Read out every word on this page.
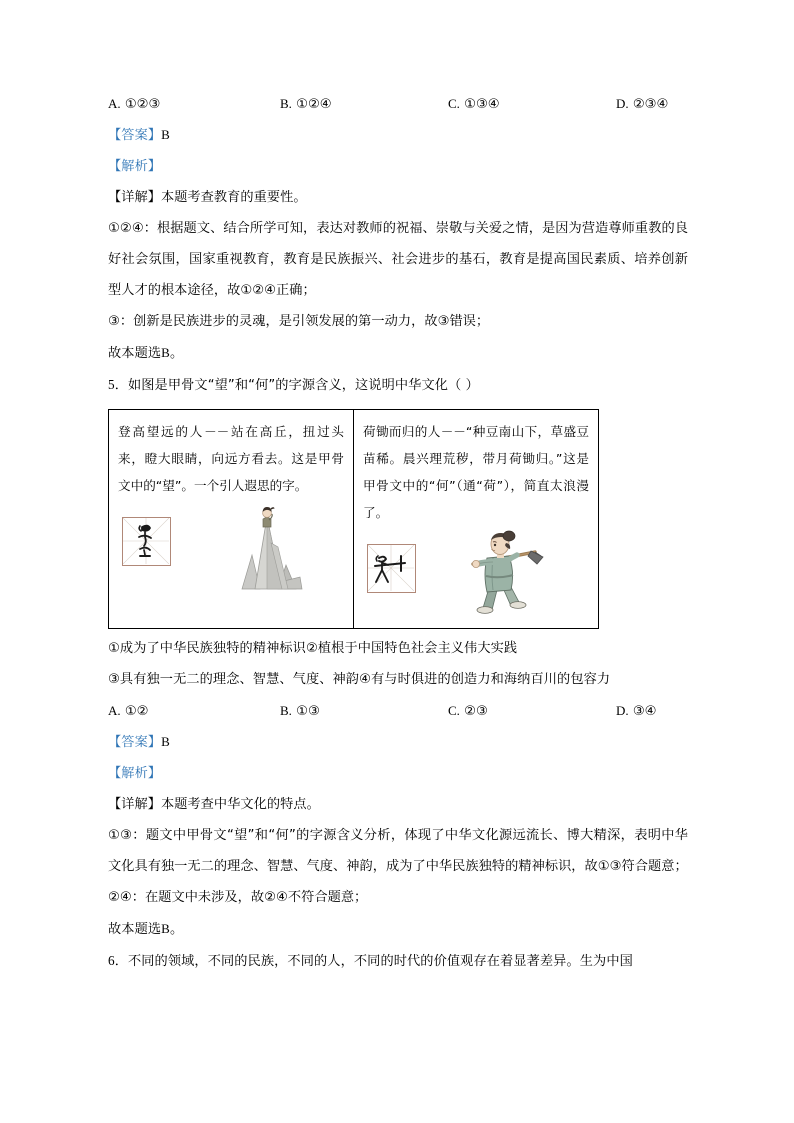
A. ①②③	B. ①②④	C. ①③④	D. ②③④
【答案】B
【解析】
【详解】本题考查教育的重要性。
①②④：根据题文、结合所学可知，表达对教师的祝福、崇敬与关爱之情，是因为营造尊师重教的良好社会氛围，国家重视教育，教育是民族振兴、社会进步的基石，教育是提高国民素质、培养创新型人才的根本途径，故①②④正确；
③：创新是民族进步的灵魂，是引领发展的第一动力，故③错误；
故本题选B。
5．如图是甲骨文“望”和“何”的字源含义，这说明中华文化（ ）
登高望远的人－－站在高丘，扭过头来，瞪大眼睛，向远方看去。这是甲骨文中的“望”。一个引人遐思的字。

荷锄而归的人－－“种豆南山下，草盛豆苗稀。晨兴理荒秽，带月荷锄归。”这是甲骨文中的“何”（通“荷”），简直太浪漫了。
①成为了中华民族独特的精神标识②植根于中国特色社会主义伟大实践
③具有独一无二的理念、智慧、气度、神韵④有与时俱进的创造力和海纳百川的包容力
A. ①②	B. ①③	C. ②③	D. ③④
【答案】B
【解析】
【详解】本题考查中华文化的特点。
①③：题文中甲骨文“望”和“何”的字源含义分析，体现了中华文化源远流长、博大精深，表明中华文化具有独一无二的理念、智慧、气度、神韵，成为了中华民族独特的精神标识，故①③符合题意；
②④：在题文中未涉及，故②④不符合题意；
故本题选B。
6．不同的领域，不同的民族，不同的人，不同的时代的价值观存在着显著差异。生为中国
